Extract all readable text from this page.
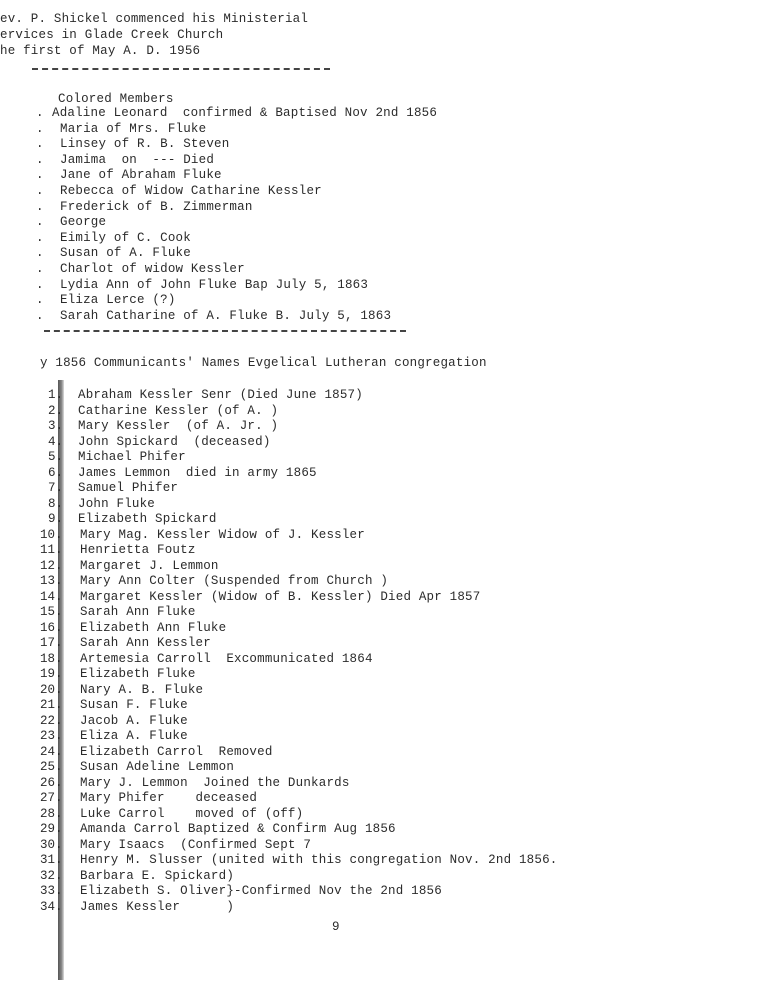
ev. P. Shickel commenced his Ministerial
ervices in Glade Creek Church
he first of May A. D. 1956
Colored Members
. Adaline Leonard  confirmed & Baptised Nov 2nd 1856
. Maria of Mrs. Fluke
. Linsey of R. B. Steven
. Jamima  on  --- Died
. Jane of Abraham Fluke
. Rebecca of Widow Catharine Kessler
. Frederick of B. Zimmerman
. George
. Eimily of C. Cook
. Susan of A. Fluke
. Charlot of widow Kessler
. Lydia Ann of John Fluke Bap July 5, 1863
. Eliza Lerce (?)
. Sarah Catharine of A. Fluke B. July 5, 1863
y 1856 Communicants' Names Evgelical Lutheran congregation
1. Abraham Kessler Senr (Died June 1857)
2. Catharine Kessler (of A. )
3. Mary Kessler  (of A. Jr. )
4. John Spickard  (deceased)
5. Michael Phifer
6. James Lemmon  died in army 1865
7. Samuel Phifer
8. John Fluke
9. Elizabeth Spickard
10. Mary Mag. Kessler Widow of J. Kessler
11. Henrietta Foutz
12. Margaret J. Lemmon
13. Mary Ann Colter (Suspended from Church )
14. Margaret Kessler (Widow of B. Kessler) Died Apr 1857
15. Sarah Ann Fluke
16. Elizabeth Ann Fluke
17. Sarah Ann Kessler
18. Artemesia Carroll  Excommunicated 1864
19. Elizabeth Fluke
20. Nary A. B. Fluke
21. Susan F. Fluke
22. Jacob A. Fluke
23. Eliza A. Fluke
24. Elizabeth Carrol  Removed
25. Susan Adeline Lemmon
26. Mary J. Lemmon  Joined the Dunkards
27. Mary Phifer    deceased
28. Luke Carrol    moved of (off)
29. Amanda Carrol Baptized & Confirm Aug 1856
30. Mary Isaacs  (Confirmed Sept 7
31. Henry M. Slusser (united with this congregation Nov. 2nd 1856.
32. Barbara E. Spickard)
33. Elizabeth S. Oliver}-Confirmed Nov the 2nd 1856
34. James Kessler      )
9
